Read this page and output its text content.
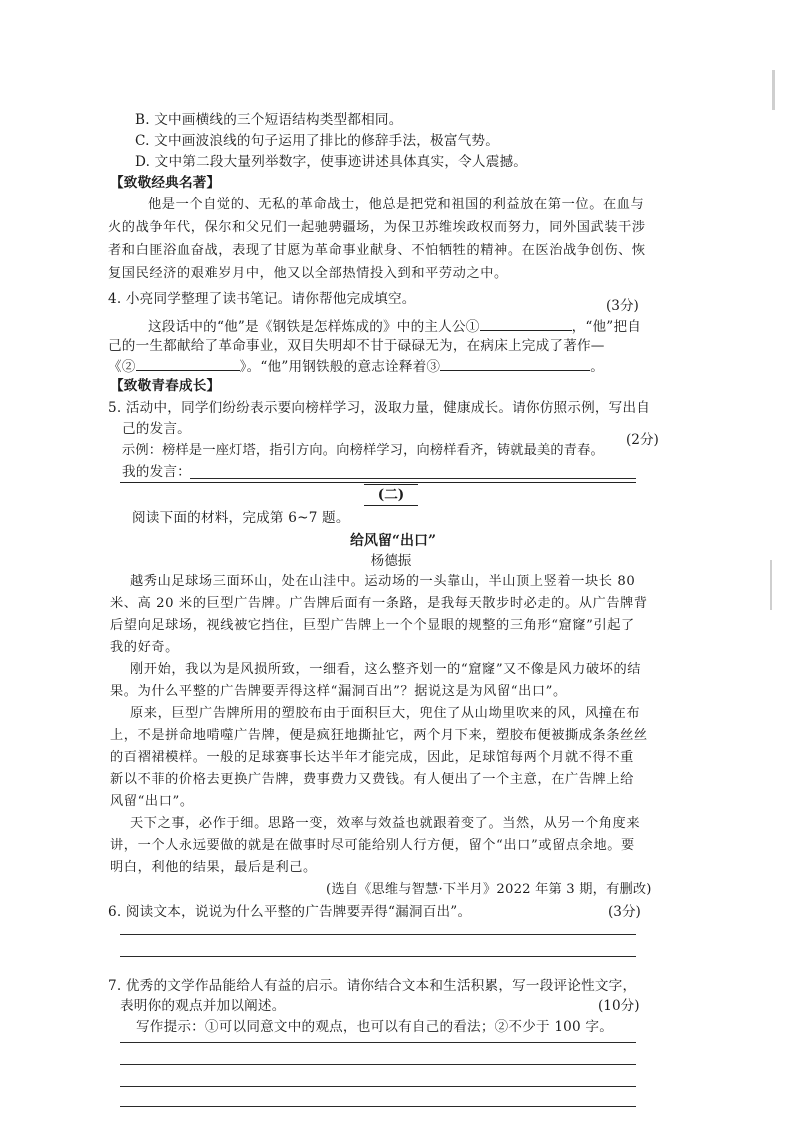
B. 文中画横线的三个短语结构类型都相同。
C. 文中画波浪线的句子运用了排比的修辞手法，极富气势。
D. 文中第二段大量列举数字，使事迹讲述具体真实，令人震撼。
【致敬经典名著】
他是一个自觉的、无私的革命战士，他总是把党和祖国的利益放在第一位。在血与
火的战争年代，保尔和父兄们一起驰骋疆场，为保卫苏维埃政权而努力，同外国武装干涉
者和白匪浴血奋战，表现了甘愿为革命事业献身、不怕牺牲的精神。在医治战争创伤、恢
复国民经济的艰难岁月中，他又以全部热情投入到和平劳动之中。
4. 小亮同学整理了读书笔记。请你帮他完成填空。
这段话中的“他”是《钢铁是怎样炼成的》中的主人公①	，“他”把自
(3分)
己的一生都献给了革命事业，双目失明却不甘于碌碌无为，在病床上完成了著作—
《②	》。“他”用钢铁般的意志诠释着③	。
【致敬青春成长】
5. 活动中，同学们纷纷表示要向榜样学习，汲取力量，健康成长。请你仿照示例，写出自
己的发言。
示例：榜样是一座灯塔，指引方向。向榜样学习，向榜样看齐，铸就最美的青春。
(2分)
我的发言：
(二)
阅读下面的材料，完成第 6~7 题。
给风留“出口”
杨德振
越秀山足球场三面环山，处在山洼中。运动场的一头靠山，半山顶上竖着一块长 80
米、高 20 米的巨型广告牌。广告牌后面有一条路，是我每天散步时必走的。从广告牌背
后望向足球场，视线被它挡住，巨型广告牌上一个个显眼的规整的三角形“窟窿”引起了
我的好奇。
刚开始，我以为是风损所致，一细看，这么整齐划一的“窟窿”又不像是风力破坏的结
果。为什么平整的广告牌要弄得这样“漏洞百出”？据说这是为风留“出口”。
原来，巨型广告牌所用的塑胶布由于面积巨大，兜住了从山坳里吹来的风，风撞在布
上，不是拼命地啃噬广告牌，便是疯狂地撕扯它，两个月下来，塑胶布便被撕成条条丝丝
的百褶裙模样。一般的足球赛事长达半年才能完成，因此，足球馆每两个月就不得不重
新以不菲的价格去更换广告牌，费事费力又费钱。有人便出了一个主意，在广告牌上给
风留“出口”。
天下之事，必作于细。思路一变，效率与效益也就跟着变了。当然，从另一个角度来
讲，一个人永远要做的就是在做事时尽可能给别人行方便，留个“出口”或留点余地。要
明白，利他的结果，最后是利己。
(选自《思维与智慧·下半月》2022 年第 3 期，有删改)
6. 阅读文本，说说为什么平整的广告牌要弄得“漏洞百出”。	(3分)
7. 优秀的文学作品能给人有益的启示。请你结合文本和生活积累，写一段评论性文字，
表明你的观点并加以阐述。	(10分)
写作提示：①可以同意文中的观点，也可以有自己的看法；②不少于 100 字。
